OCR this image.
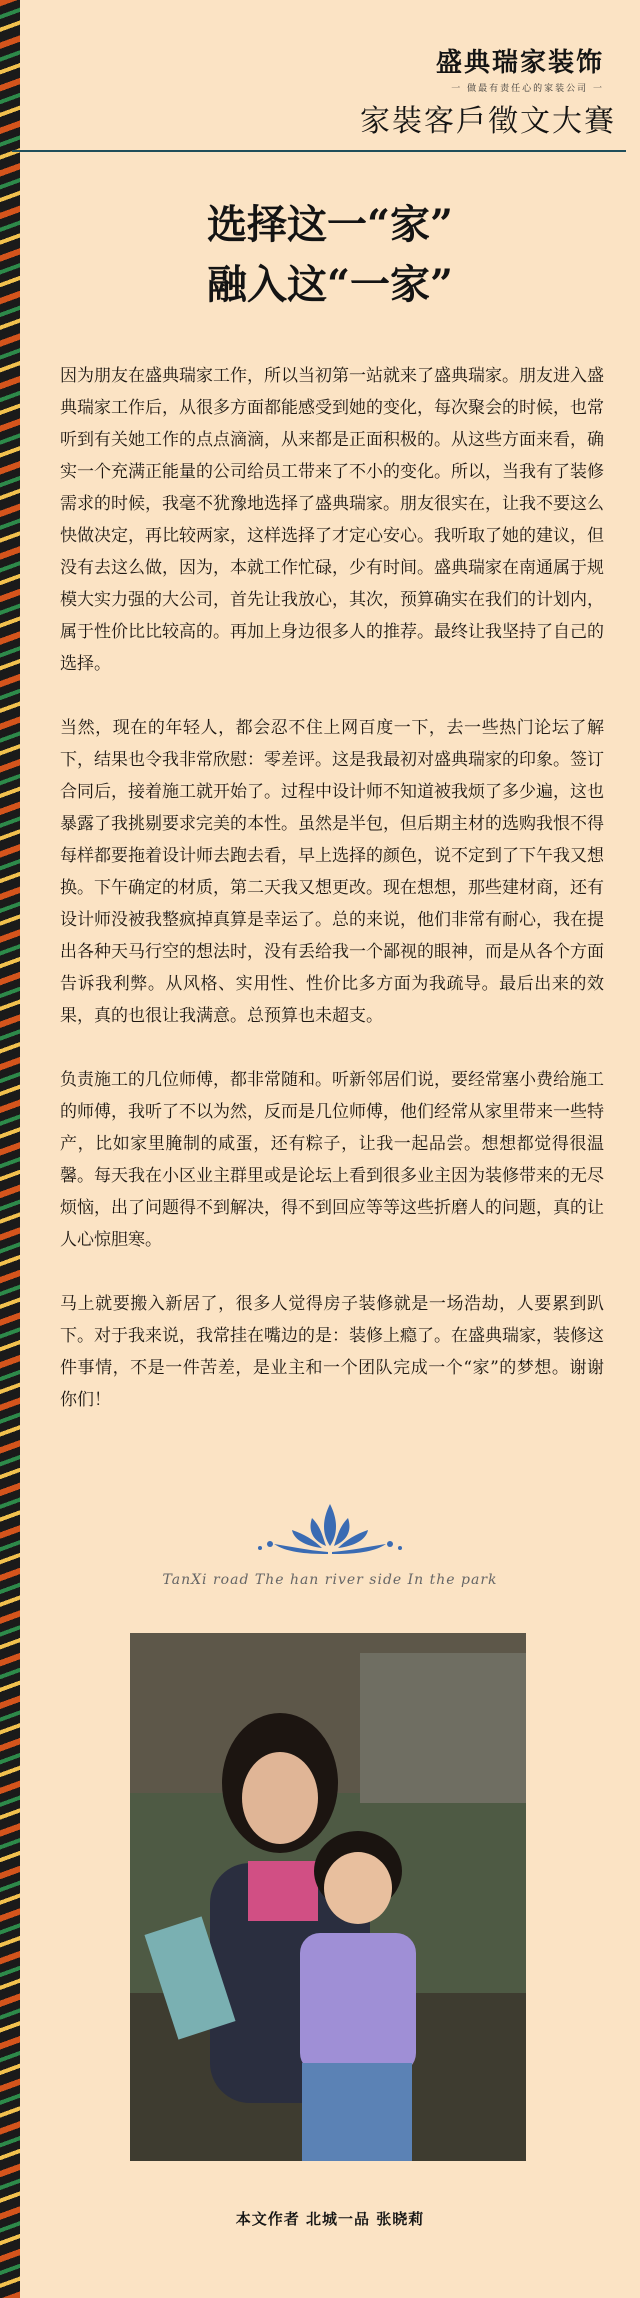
盛典瑞家装饰
一 做最有责任心的家装公司 一
家裝客戶徵文大賽
选择这一“家”
融入这“一家”

因为朋友在盛典瑞家工作，所以当初第一站就来了盛典瑞家。朋友进入盛典瑞家工作后，从很多方面都能感受到她的变化，每次聚会的时候，也常听到有关她工作的点点滴滴，从来都是正面积极的。从这些方面来看，确实一个充满正能量的公司给员工带来了不小的变化。所以，当我有了装修需求的时候，我毫不犹豫地选择了盛典瑞家。朋友很实在，让我不要这么快做决定，再比较两家，这样选择了才定心安心。我听取了她的建议，但没有去这么做，因为，本就工作忙碌，少有时间。盛典瑞家在南通属于规模大实力强的大公司，首先让我放心，其次，预算确实在我们的计划内，属于性价比比较高的。再加上身边很多人的推荐。最终让我坚持了自己的选择。

当然，现在的年轻人，都会忍不住上网百度一下，去一些热门论坛了解下，结果也令我非常欣慰：零差评。这是我最初对盛典瑞家的印象。签订合同后，接着施工就开始了。过程中设计师不知道被我烦了多少遍，这也暴露了我挑剔要求完美的本性。虽然是半包，但后期主材的选购我恨不得每样都要拖着设计师去跑去看，早上选择的颜色，说不定到了下午我又想换。下午确定的材质，第二天我又想更改。现在想想，那些建材商，还有设计师没被我整疯掉真算是幸运了。总的来说，他们非常有耐心，我在提出各种天马行空的想法时，没有丢给我一个鄙视的眼神，而是从各个方面告诉我利弊。从风格、实用性、性价比多方面为我疏导。最后出来的效果，真的也很让我满意。总预算也未超支。

负责施工的几位师傅，都非常随和。听新邻居们说，要经常塞小费给施工的师傅，我听了不以为然，反而是几位师傅，他们经常从家里带来一些特产，比如家里腌制的咸蛋，还有粽子，让我一起品尝。想想都觉得很温馨。每天我在小区业主群里或是论坛上看到很多业主因为装修带来的无尽烦恼，出了问题得不到解决，得不到回应等等这些折磨人的问题，真的让人心惊胆寒。

马上就要搬入新居了，很多人觉得房子装修就是一场浩劫，人要累到趴下。对于我来说，我常挂在嘴边的是：装修上瘾了。在盛典瑞家，装修这件事情，不是一件苦差，是业主和一个团队完成一个“家”的梦想。谢谢你们！

TanXi road The han river side In the park
本文作者 北城一品 张晓莉
